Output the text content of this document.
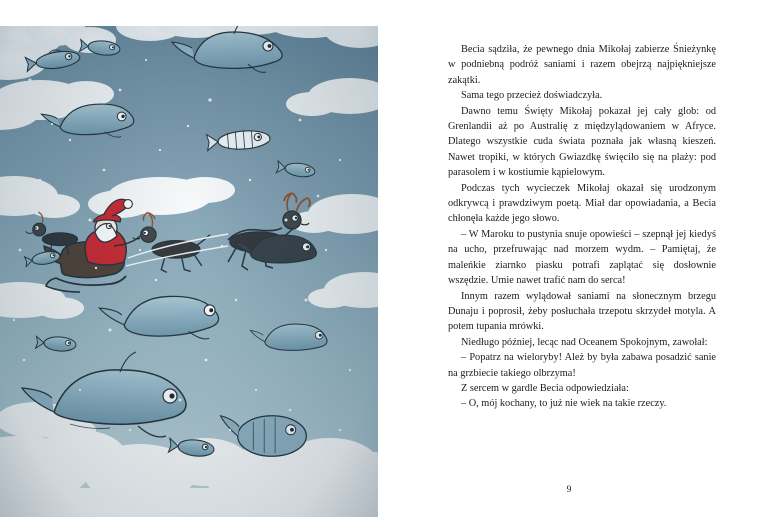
Becia sądziła, że pewnego dnia Mikołaj zabierze Śnieżynkę w podniebną podróż saniami i razem obejrzą najpiękniejsze zakątki.

Sama tego przecież doświadczyła.

Dawno temu Święty Mikołaj pokazał jej cały glob: od Grenlandii aż po Australię z międzylądowaniem w Afryce. Dlatego wszystkie cuda świata poznała jak własną kieszeń. Nawet tropiki, w których Gwiazdkę święciło się na plaży: pod parasolem i w kostiumie kąpielowym.

Podczas tych wycieczek Mikołaj okazał się urodzonym odkrywcą i prawdziwym poetą. Miał dar opowiadania, a Becia chłonęła każde jego słowo.

– W Maroku to pustynia snuje opowieści – szepnął jej kiedyś na ucho, przefruwając nad morzem wydm. – Pamiętaj, że maleńkie ziarnko piasku potrafi zaplątać się dosłownie wszędzie. Umie nawet trafić nam do serca!

Innym razem wylądował saniami na słonecznym brzegu Dunaju i poprosił, żeby posłuchała trzepotu skrzydeł motyla. A potem tupania mrówki.

Niedługo później, lecąc nad Oceanem Spokojnym, zawołał:

– Popatrz na wieloryby! Ależ by była zabawa posadzić sanie na grzbiecie takiego olbrzyma!

Z sercem w gardle Becia odpowiedziała:

– O, mój kochany, to już nie wiek na takie rzeczy.

9
